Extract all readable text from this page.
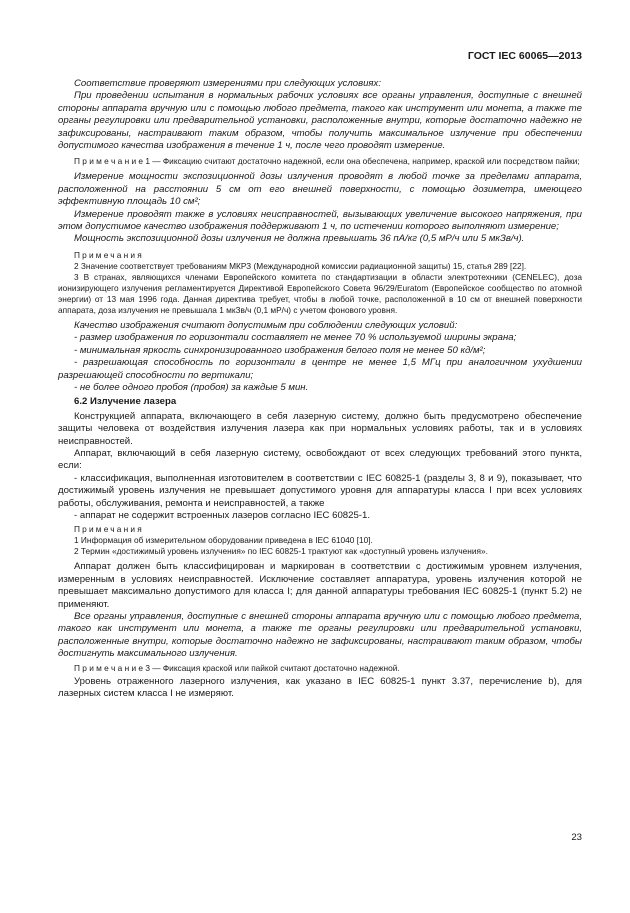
ГОСТ IEC 60065—2013

Соответствие проверяют измерениями при следующих условиях:

При проведении испытания в нормальных рабочих условиях все органы управления, доступные с внешней стороны аппарата вручную или с помощью любого предмета, такого как инструмент или монета, а также те органы регулировки или предварительной установки, расположенные внутри, которые достаточно надежно не зафиксированы, настраивают таким образом, чтобы получить максимальное излучение при обеспечении допустимого качества изображения в течение 1 ч, после чего проводят измерение.

П р и м е ч а н и е 1 — Фиксацию считают достаточно надежной, если она обеспечена, например, краской или посредством пайки;

Измерение мощности экспозиционной дозы излучения проводят в любой точке за пределами аппарата, расположенной на расстоянии 5 см от его внешней поверхности, с помощью дозиметра, имеющего эффективную площадь 10 см²;

Измерение проводят также в условиях неисправностей, вызывающих увеличение высокого напряжения, при этом допустимое качество изображения поддерживают 1 ч, по истечении которого выполняют измерение;

Мощность экспозиционной дозы излучения не должна превышать 36 пА/кг (0,5 мР/ч или 5 мкЗв/ч).

Примечания

2 Значение соответствует требованиям МКРЗ (Международной комиссии радиационной защиты) 15, статья 289 [22].

3 В странах, являющихся членами Европейского комитета по стандартизации в области электротехники (CENELEC), доза ионизирующего излучения регламентируется Директивой Европейского Совета 96/29/Euratom (Европейское сообщество по атомной энергии) от 13 мая 1996 года. Данная директива требует, чтобы в любой точке, расположенной в 10 см от внешней поверхности аппарата, доза излучения не превышала 1 мкЗв/ч (0,1 мР/ч) с учетом фонового уровня.

Качество изображения считают допустимым при соблюдении следующих условий:

- размер изображения по горизонтали составляет не менее 70 % используемой ширины экрана;

- минимальная яркость синхронизированного изображения белого поля не менее 50 кд/м²;

- разрешающая способность по горизонтали в центре не менее 1,5 МГц при аналогичном ухудшении разрешающей способности по вертикали;

- не более одного пробоя (пробоя) за каждые 5 мин.

6.2 Излучение лазера

Конструкцией аппарата, включающего в себя лазерную систему, должно быть предусмотрено обеспечение защиты человека от воздействия излучения лазера как при нормальных условиях работы, так и в условиях неисправностей.

Аппарат, включающий в себя лазерную систему, освобождают от всех следующих требований этого пункта, если:

- классификация, выполненная изготовителем в соответствии с IEC 60825-1 (разделы 3, 8 и 9), показывает, что достижимый уровень излучения не превышает допустимого уровня для аппаратуры класса I при всех условиях работы, обслуживания, ремонта и неисправностей, а также

- аппарат не содержит встроенных лазеров согласно IEC 60825-1.

Примечания

1 Информация об измерительном оборудовании приведена в IEC 61040 [10].

2 Термин «достижимый уровень излучения» по IEC 60825-1 трактуют как «доступный уровень излучения».

Аппарат должен быть классифицирован и маркирован в соответствии с достижимым уровнем излучения, измеренным в условиях неисправностей. Исключение составляет аппаратура, уровень излучения которой не превышает максимально допустимого для класса I; для данной аппаратуры требования IEC 60825-1 (пункт 5.2) не применяют.

Все органы управления, доступные с внешней стороны аппарата вручную или с помощью любого предмета, такого как инструмент или монета, а также те органы регулировки или предварительной установки, расположенные внутри, которые достаточно надежно не зафиксированы, настраивают таким образом, чтобы достигнуть максимального излучения.

П р и м е ч а н и е 3 — Фиксация краской или пайкой считают достаточно надежной.

Уровень отраженного лазерного излучения, как указано в IEC 60825-1 пункт 3.37, перечисление b), для лазерных систем класса I не измеряют.

23
